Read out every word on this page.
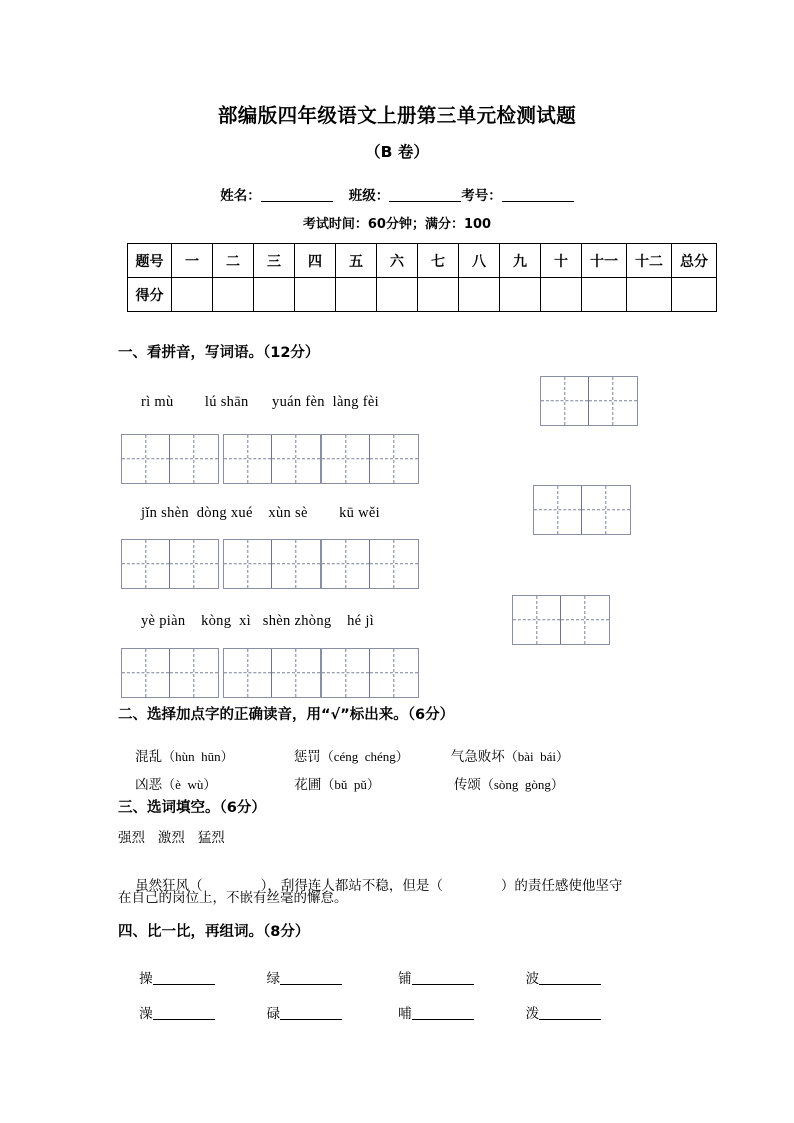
部编版四年级语文上册第三单元检测试题
（B 卷）
姓名：	班级：	考号：
考试时间：60分钟；满分：100
题号	一	二	三	四	五	六	七	八	九	十	十一	十二	总分
得分													
一、看拼音，写词语。（12分）
rì mù        lú shān      yuán fèn  làng fèi
jǐn shèn  dòng xué    xùn sè        kū wěi
yè piàn    kòng  xì   shèn zhòng    hé jì
二、选择加点字的正确读音，用“√”标出来。（6分）

混乱（hùn  hūn）	惩罚（céng  chéng）	气急败坏（bài  bái）

凶恶（è  wù）	花圃（bǔ  pǔ）	传颂（sòng  gòng）

三、选词填空。（6分）
强烈   激烈   猛烈

虽然狂风（	），刮得连人都站不稳，但是（	）的责任感使他坚守

在自己的岗位上，不嵌有丝毫的懈怠。
四、比一比，再组词。（8分）

操	绿	铺	波

澡	碌	哺	泼
